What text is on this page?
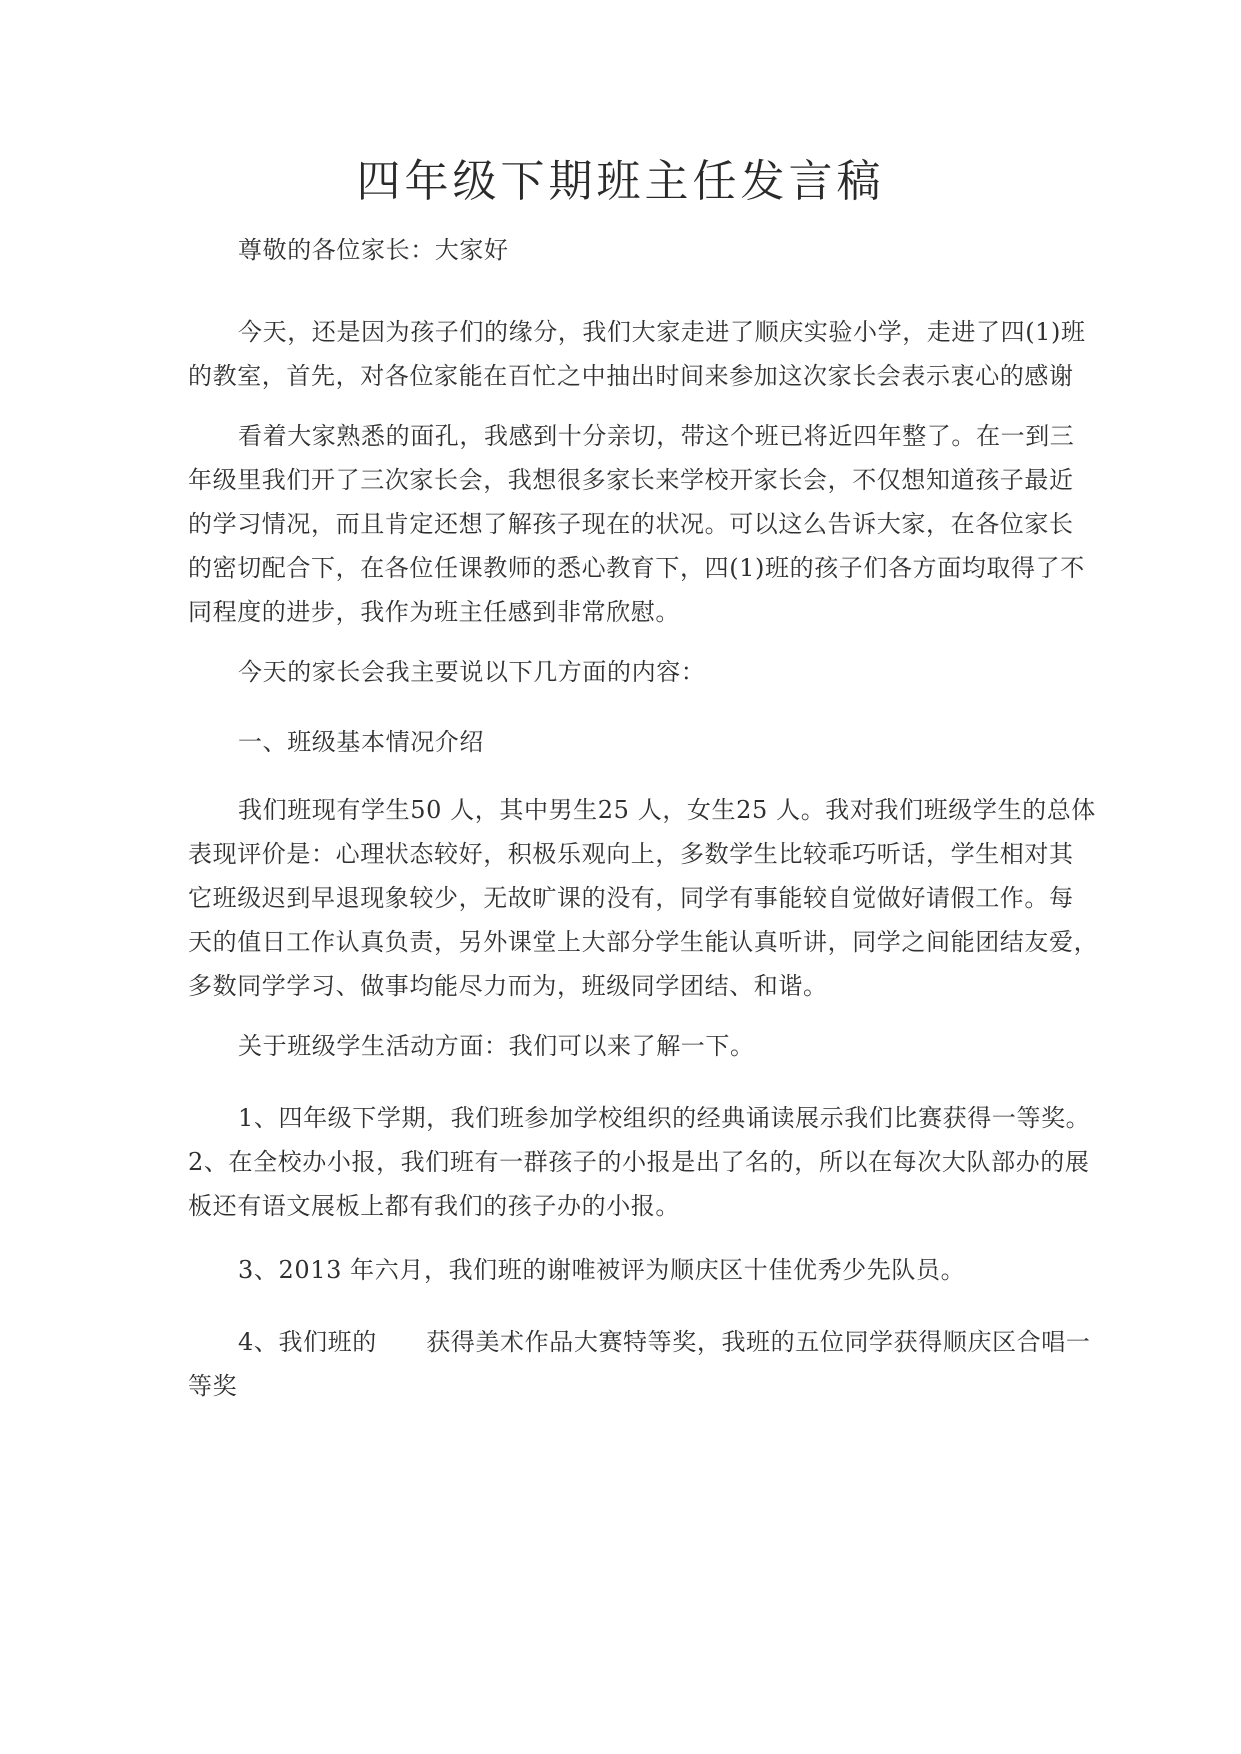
四年级下期班主任发言稿

尊敬的各位家长：大家好

今天，还是因为孩子们的缘分，我们大家走进了顺庆实验小学，走进了四(1)班
的教室，首先，对各位家能在百忙之中抽出时间来参加这次家长会表示衷心的感谢

看着大家熟悉的面孔，我感到十分亲切，带这个班已将近四年整了。在一到三
年级里我们开了三次家长会，我想很多家长来学校开家长会，不仅想知道孩子最近
的学习情况，而且肯定还想了解孩子现在的状况。可以这么告诉大家，在各位家长
的密切配合下，在各位任课教师的悉心教育下，四(1)班的孩子们各方面均取得了不
同程度的进步，我作为班主任感到非常欣慰。

今天的家长会我主要说以下几方面的内容：

一、班级基本情况介绍

我们班现有学生50 人，其中男生25 人，女生25 人。我对我们班级学生的总体
表现评价是：心理状态较好，积极乐观向上，多数学生比较乖巧听话，学生相对其
它班级迟到早退现象较少，无故旷课的没有，同学有事能较自觉做好请假工作。每
天的值日工作认真负责，另外课堂上大部分学生能认真听讲，同学之间能团结友爱，
多数同学学习、做事均能尽力而为，班级同学团结、和谐。

关于班级学生活动方面：我们可以来了解一下。

1、四年级下学期，我们班参加学校组织的经典诵读展示我们比赛获得一等奖。
2、在全校办小报，我们班有一群孩子的小报是出了名的，所以在每次大队部办的展
板还有语文展板上都有我们的孩子办的小报。

3、2013 年六月，我们班的谢唯被评为顺庆区十佳优秀少先队员。

4、我们班的      获得美术作品大赛特等奖，我班的五位同学获得顺庆区合唱一
等奖
